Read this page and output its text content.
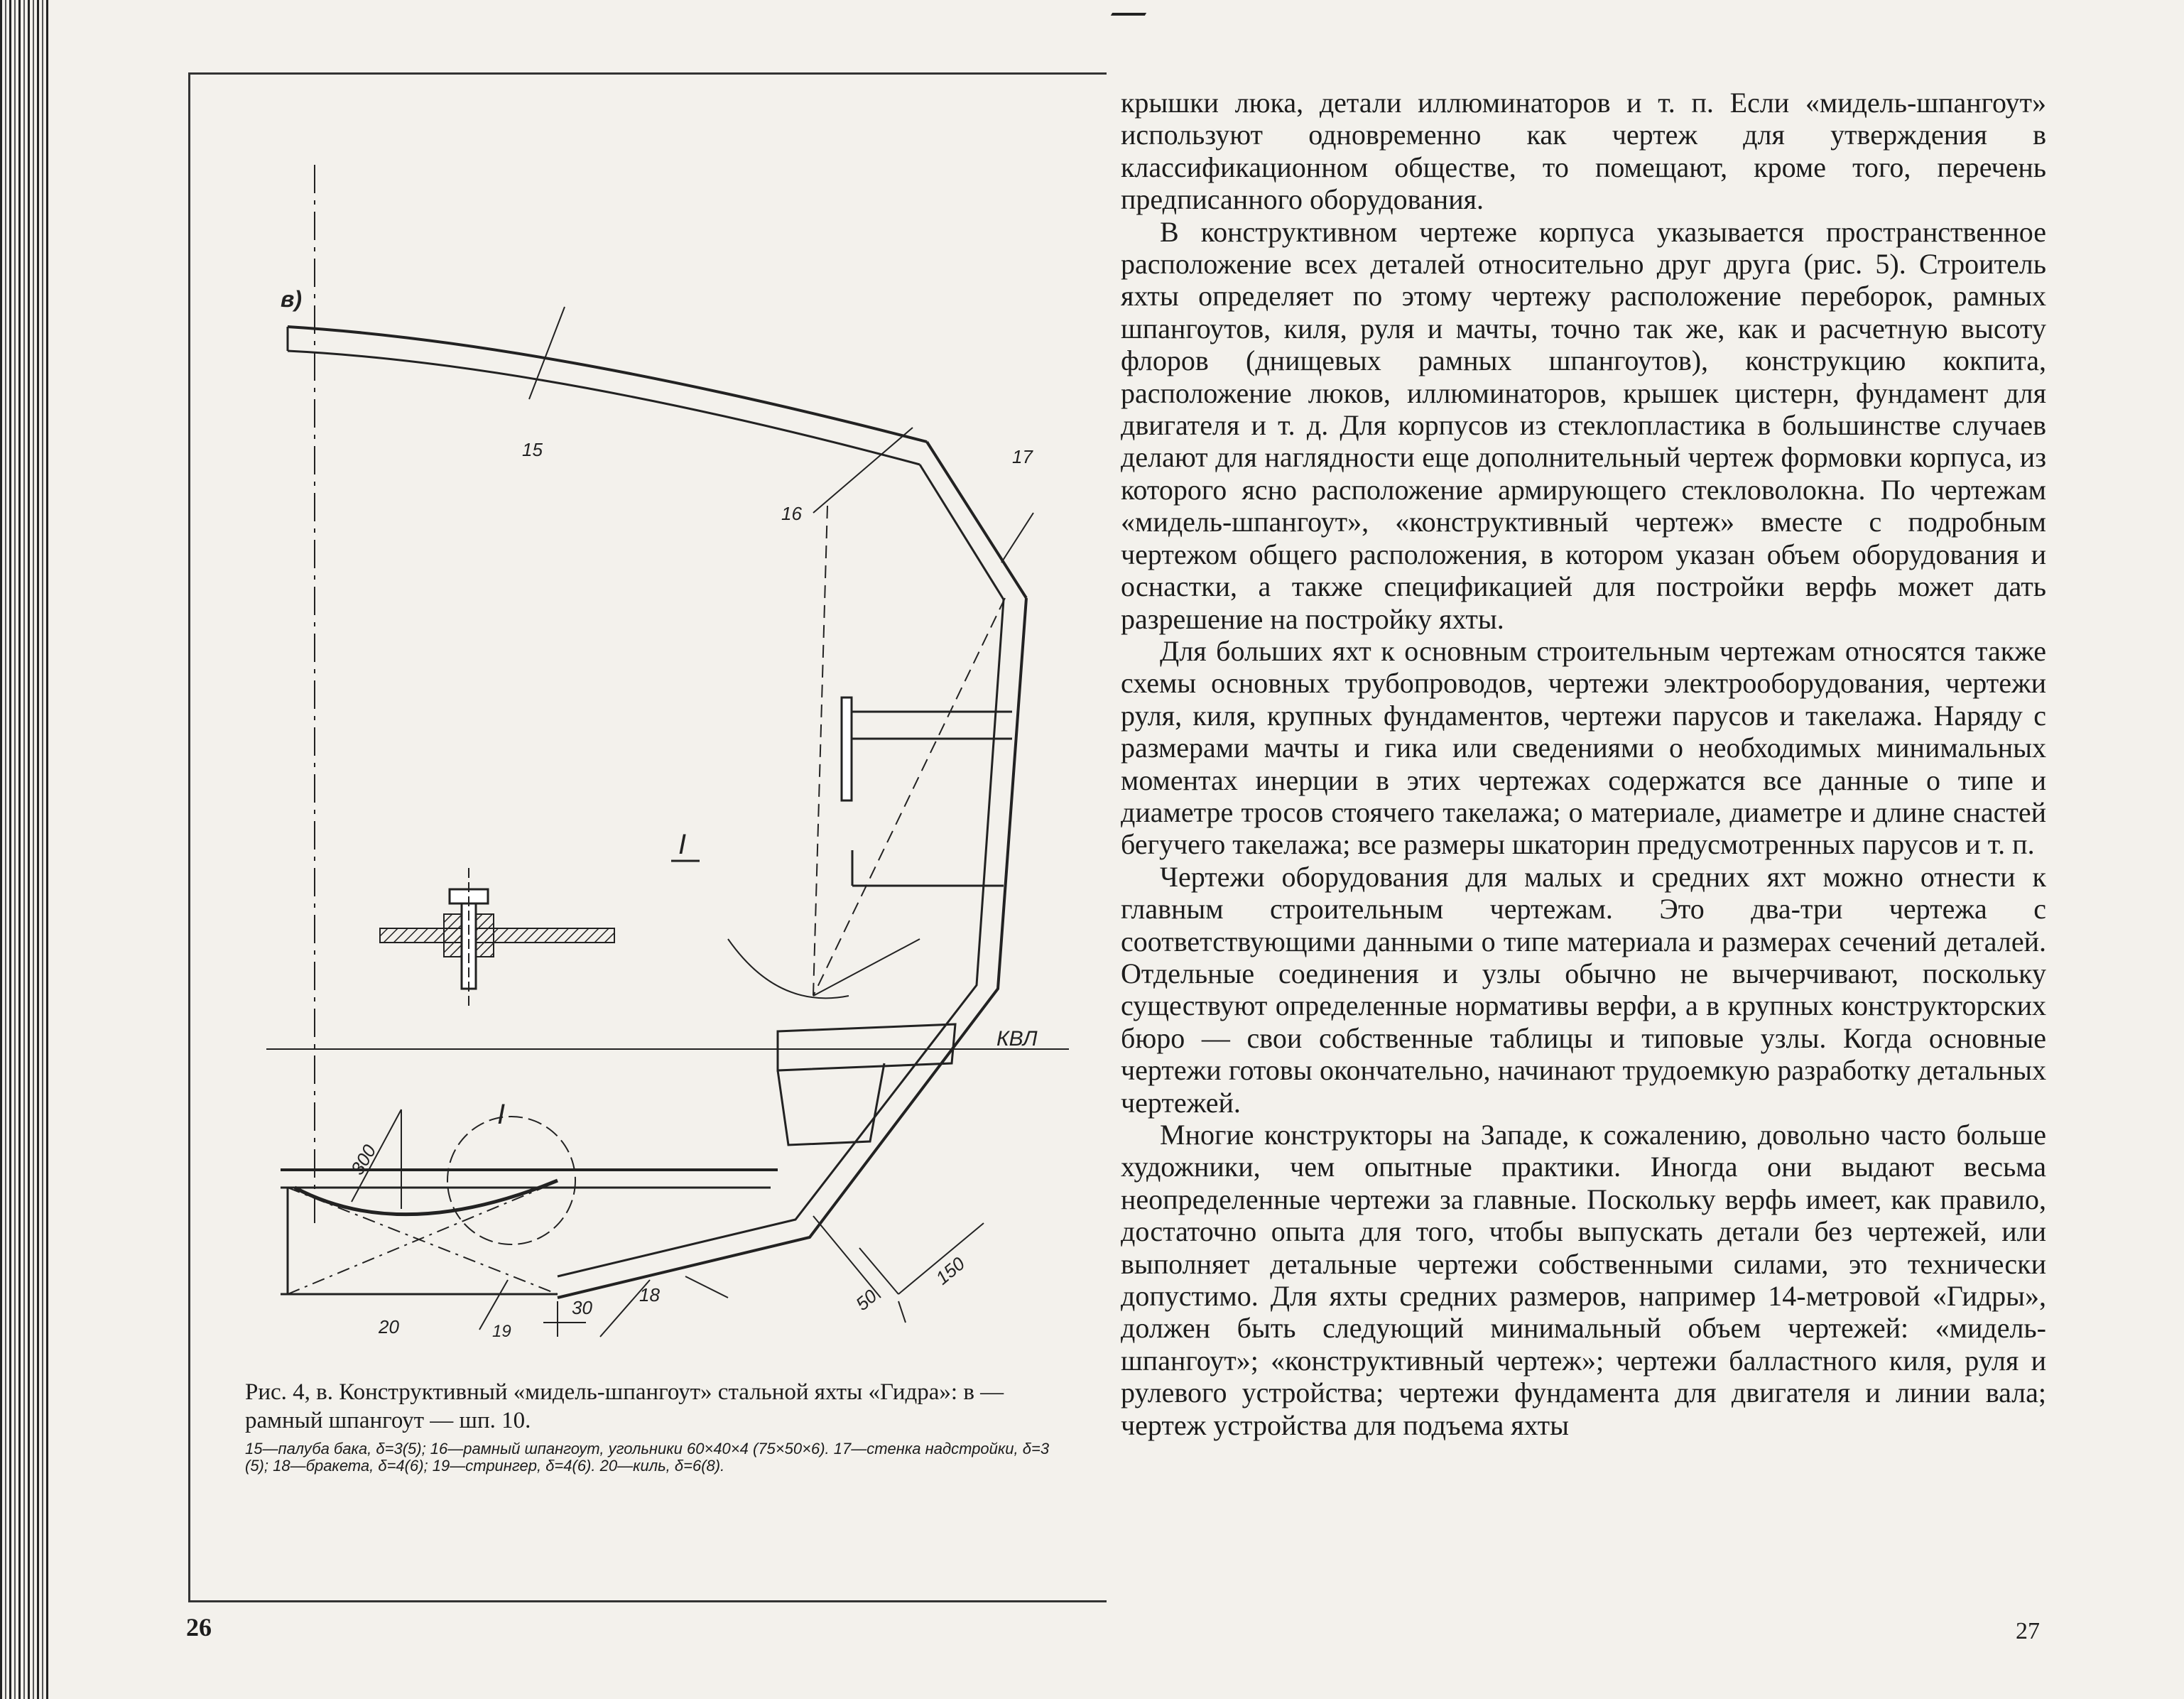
в)
I
I
КВЛ
15
16
17
18
19
20
300
150
50
30

Рис. 4, в. Конструктивный «мидель-шпангоут» стальной яхты «Гидра»: в — рамный шпангоут — шп. 10.

15—палуба бака, δ=3(5); 16—рамный шпангоут, угольники 60×40×4 (75×50×6). 17—стенка надстройки, δ=3 (5); 18—бракета, δ=4(6); 19—стрингер, δ=4(6). 20—киль, δ=6(8).

26	27

крышки люка, детали иллюминаторов и т. п. Если «мидель-шпангоут» используют одновременно как чертеж для утверждения в классификационном обществе, то помещают, кроме того, перечень предписанного оборудования.

В конструктивном чертеже корпуса указывается пространственное расположение всех деталей относительно друг друга (рис. 5). Строитель яхты определяет по этому чертежу расположение переборок, рамных шпангоутов, киля, руля и мачты, точно так же, как и расчетную высоту флоров (днищевых рамных шпангоутов), конструкцию кокпита, расположение люков, иллюминаторов, крышек цистерн, фундамент для двигателя и т. д. Для корпусов из стеклопластика в большинстве случаев делают для наглядности еще дополнительный чертеж формовки корпуса, из которого ясно расположение армирующего стекловолокна. По чертежам «мидель-шпангоут», «конструктивный чертеж» вместе с подробным чертежом общего расположения, в котором указан объем оборудования и оснастки, а также спецификацией для постройки верфь может дать разрешение на постройку яхты.

Для больших яхт к основным строительным чертежам относятся также схемы основных трубопроводов, чертежи электрооборудования, чертежи руля, киля, крупных фундаментов, чертежи парусов и такелажа. Наряду с размерами мачты и гика или сведениями о необходимых минимальных моментах инерции в этих чертежах содержатся все данные о типе и диаметре тросов стоячего такелажа; о материале, диаметре и длине снастей бегучего такелажа; все размеры шкаторин предусмотренных парусов и т. п.

Чертежи оборудования для малых и средних яхт можно отнести к главным строительным чертежам. Это два-три чертежа с соответствующими данными о типе материала и размерах сечений деталей. Отдельные соединения и узлы обычно не вычерчивают, поскольку существуют определенные нормативы верфи, а в крупных конструкторских бюро — свои собственные таблицы и типовые узлы. Когда основные чертежи готовы окончательно, начинают трудоемкую разработку детальных чертежей.

Многие конструкторы на Западе, к сожалению, довольно часто больше художники, чем опытные практики. Иногда они выдают весьма неопределенные чертежи за главные. Поскольку верфь имеет, как правило, достаточно опыта для того, чтобы выпускать детали без чертежей, или выполняет детальные чертежи собственными силами, это технически допустимо. Для яхты средних размеров, например 14-метровой «Гидры», должен быть следующий минимальный объем чертежей: «мидель-шпангоут»; «конструктивный чертеж»; чертежи балластного киля, руля и рулевого устройства; чертежи фундамента для двигателя и линии вала; чертеж устройства для подъема яхты
